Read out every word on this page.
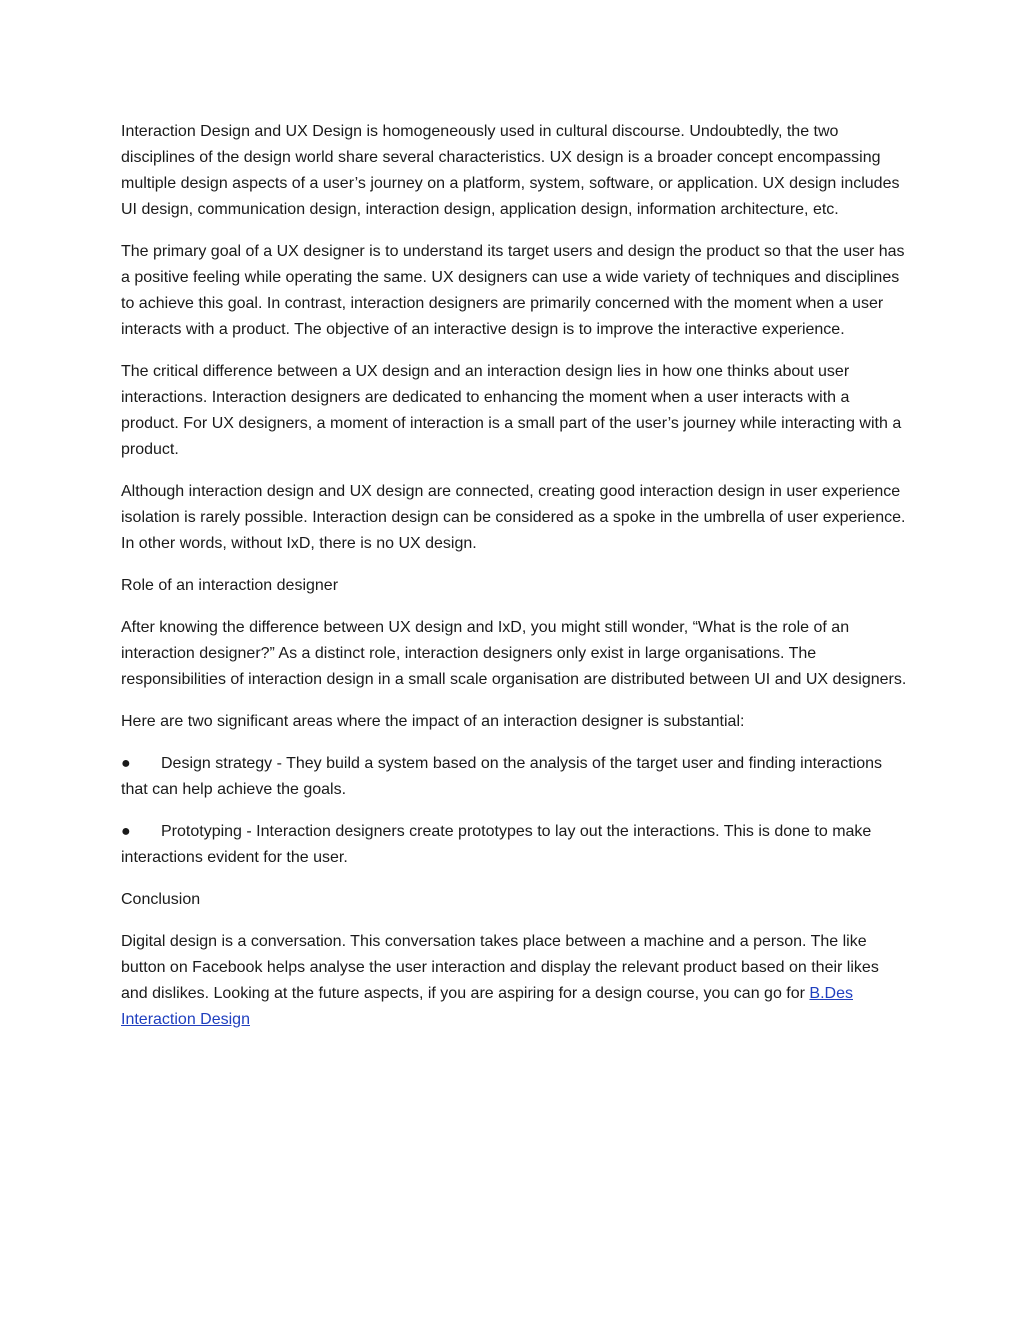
Interaction Design and UX Design is homogeneously used in cultural discourse. Undoubtedly, the two disciplines of the design world share several characteristics. UX design is a broader concept encompassing multiple design aspects of a user’s journey on a platform, system, software, or application. UX design includes UI design, communication design, interaction design, application design, information architecture, etc.

The primary goal of a UX designer is to understand its target users and design the product so that the user has a positive feeling while operating the same. UX designers can use a wide variety of techniques and disciplines to achieve this goal. In contrast, interaction designers are primarily concerned with the moment when a user interacts with a product. The objective of an interactive design is to improve the interactive experience.

The critical difference between a UX design and an interaction design lies in how one thinks about user interactions. Interaction designers are dedicated to enhancing the moment when a user interacts with a product. For UX designers, a moment of interaction is a small part of the user’s journey while interacting with a product.

Although interaction design and UX design are connected, creating good interaction design in user experience isolation is rarely possible. Interaction design can be considered as a spoke in the umbrella of user experience. In other words, without IxD, there is no UX design.

Role of an interaction designer

After knowing the difference between UX design and IxD, you might still wonder, “What is the role of an interaction designer?” As a distinct role, interaction designers only exist in large organisations. The responsibilities of interaction design in a small scale organisation are distributed between UI and UX designers.

Here are two significant areas where the impact of an interaction designer is substantial:

● Design strategy - They build a system based on the analysis of the target user and finding interactions that can help achieve the goals.

● Prototyping - Interaction designers create prototypes to lay out the interactions. This is done to make interactions evident for the user.

Conclusion

Digital design is a conversation. This conversation takes place between a machine and a person. The like button on Facebook helps analyse the user interaction and display the relevant product based on their likes and dislikes. Looking at the future aspects, if you are aspiring for a design course, you can go for B.Des Interaction Design
